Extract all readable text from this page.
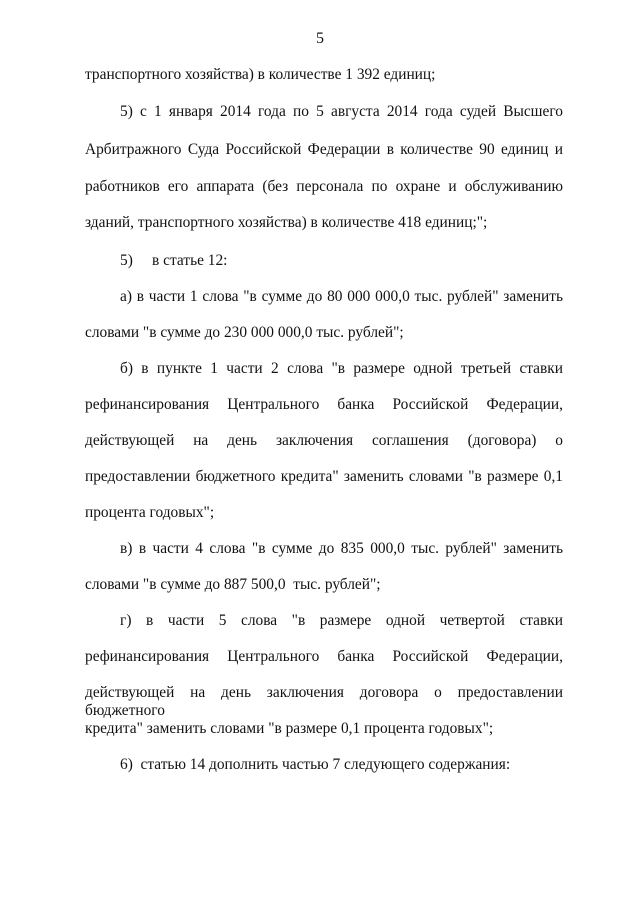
5
транспортного хозяйства) в количестве 1 392 единиц;
5) с 1 января 2014 года по 5 августа 2014 года судей Высшего
Арбитражного Суда Российской Федерации в количестве 90 единиц и
работников его аппарата (без персонала по охране и обслуживанию
зданий, транспортного хозяйства) в количестве 418 единиц;";
5)     в статье 12:
а) в части 1 слова "в сумме до 80 000 000,0 тыс. рублей" заменить
словами "в сумме до 230 000 000,0 тыс. рублей";
б) в пункте 1 части 2 слова "в размере одной третьей ставки
рефинансирования Центрального банка Российской Федерации,
действующей на день заключения соглашения (договора) о
предоставлении бюджетного кредита" заменить словами "в размере 0,1
процента годовых";
в) в части 4 слова "в сумме до 835 000,0 тыс. рублей" заменить
словами "в сумме до 887 500,0  тыс. рублей";
г) в части 5 слова "в размере одной четвертой ставки
рефинансирования Центрального банка Российской Федерации,
действующей на день заключения договора о предоставлении бюджетного
кредита" заменить словами "в размере 0,1 процента годовых";
6)  статью 14 дополнить частью 7 следующего содержания:
